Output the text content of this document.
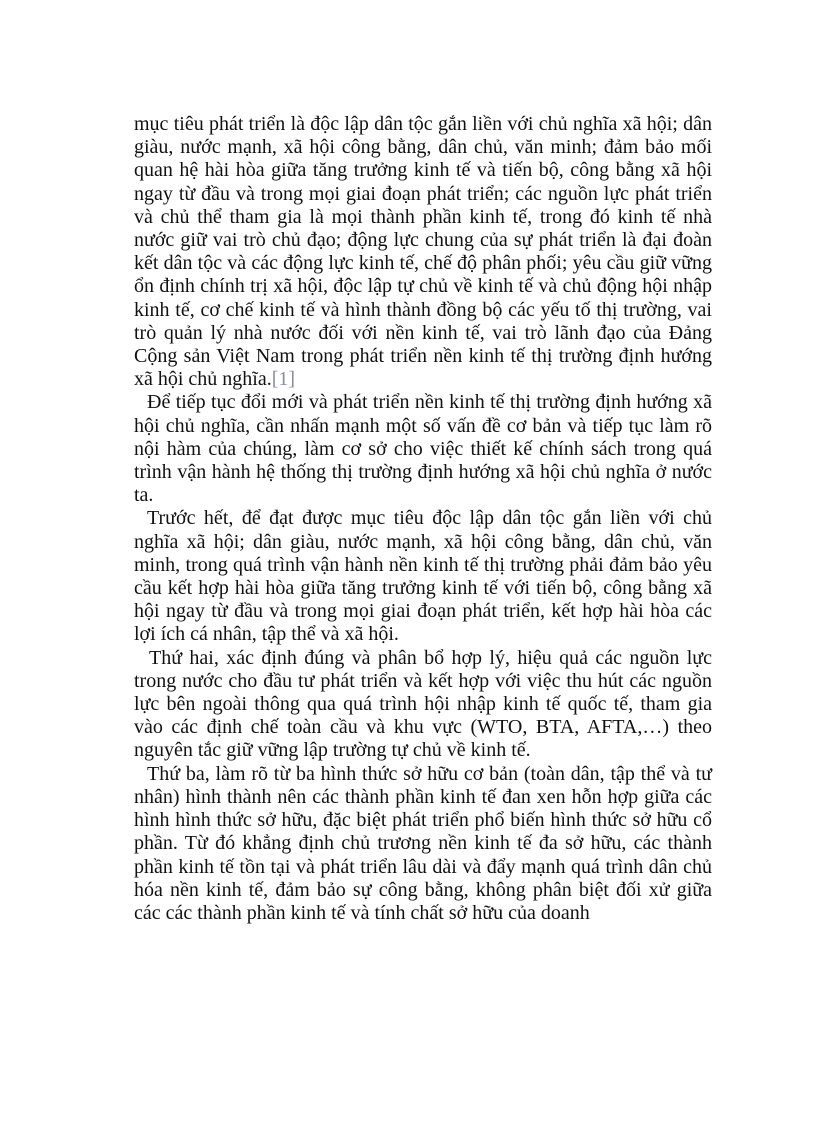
mục tiêu phát triển là độc lập dân tộc gắn liền với chủ nghĩa xã hội; dân giàu, nước mạnh, xã hội công bằng, dân chủ, văn minh; đảm bảo mối quan hệ hài hòa giữa tăng trưởng kinh tế và tiến bộ, công bằng xã hội ngay từ đầu và trong mọi giai đoạn phát triển; các nguồn lực phát triển và chủ thể tham gia là mọi thành phần kinh tế, trong đó kinh tế nhà nước giữ vai trò chủ đạo; động lực chung của sự phát triển là đại đoàn kết dân tộc và các động lực kinh tế, chế độ phân phối; yêu cầu giữ vững ổn định chính trị xã hội, độc lập tự chủ về kinh tế và chủ động hội nhập kinh tế, cơ chế kinh tế và hình thành đồng bộ các yếu tố thị trường, vai trò quản lý nhà nước đối với nền kinh tế, vai trò lãnh đạo của Đảng Cộng sản Việt Nam trong phát triển nền kinh tế thị trường định hướng xã hội chủ nghĩa.[1]

Để tiếp tục đổi mới và phát triển nền kinh tế thị trường định hướng xã hội chủ nghĩa, cần nhấn mạnh một số vấn đề cơ bản và tiếp tục làm rõ nội hàm của chúng, làm cơ sở cho việc thiết kế chính sách trong quá trình vận hành hệ thống thị trường định hướng xã hội chủ nghĩa ở nước ta.

Trước hết, để đạt được mục tiêu độc lập dân tộc gắn liền với chủ nghĩa xã hội; dân giàu, nước mạnh, xã hội công bằng, dân chủ, văn minh, trong quá trình vận hành nền kinh tế thị trường phải đảm bảo yêu cầu kết hợp hài hòa giữa tăng trưởng kinh tế với tiến bộ, công bằng xã hội ngay từ đầu và trong mọi giai đoạn phát triển, kết hợp hài hòa các lợi ích cá nhân, tập thể và xã hội.

Thứ hai, xác định đúng và phân bổ hợp lý, hiệu quả các nguồn lực trong nước cho đầu tư phát triển và kết hợp với việc thu hút các nguồn lực bên ngoài thông qua quá trình hội nhập kinh tế quốc tế, tham gia vào các định chế toàn cầu và khu vực (WTO, BTA, AFTA,…) theo nguyên tắc giữ vững lập trường tự chủ về kinh tế.

Thứ ba, làm rõ từ ba hình thức sở hữu cơ bản (toàn dân, tập thể và tư nhân) hình thành nên các thành phần kinh tế đan xen hỗn hợp giữa các hình hình thức sở hữu, đặc biệt phát triển phổ biến hình thức sở hữu cổ phần. Từ đó khẳng định chủ trương nền kinh tế đa sở hữu, các thành phần kinh tế tồn tại và phát triển lâu dài và đẩy mạnh quá trình dân chủ hóa nền kinh tế, đảm bảo sự công bằng, không phân biệt đối xử giữa các các thành phần kinh tế và tính chất sở hữu của doanh
